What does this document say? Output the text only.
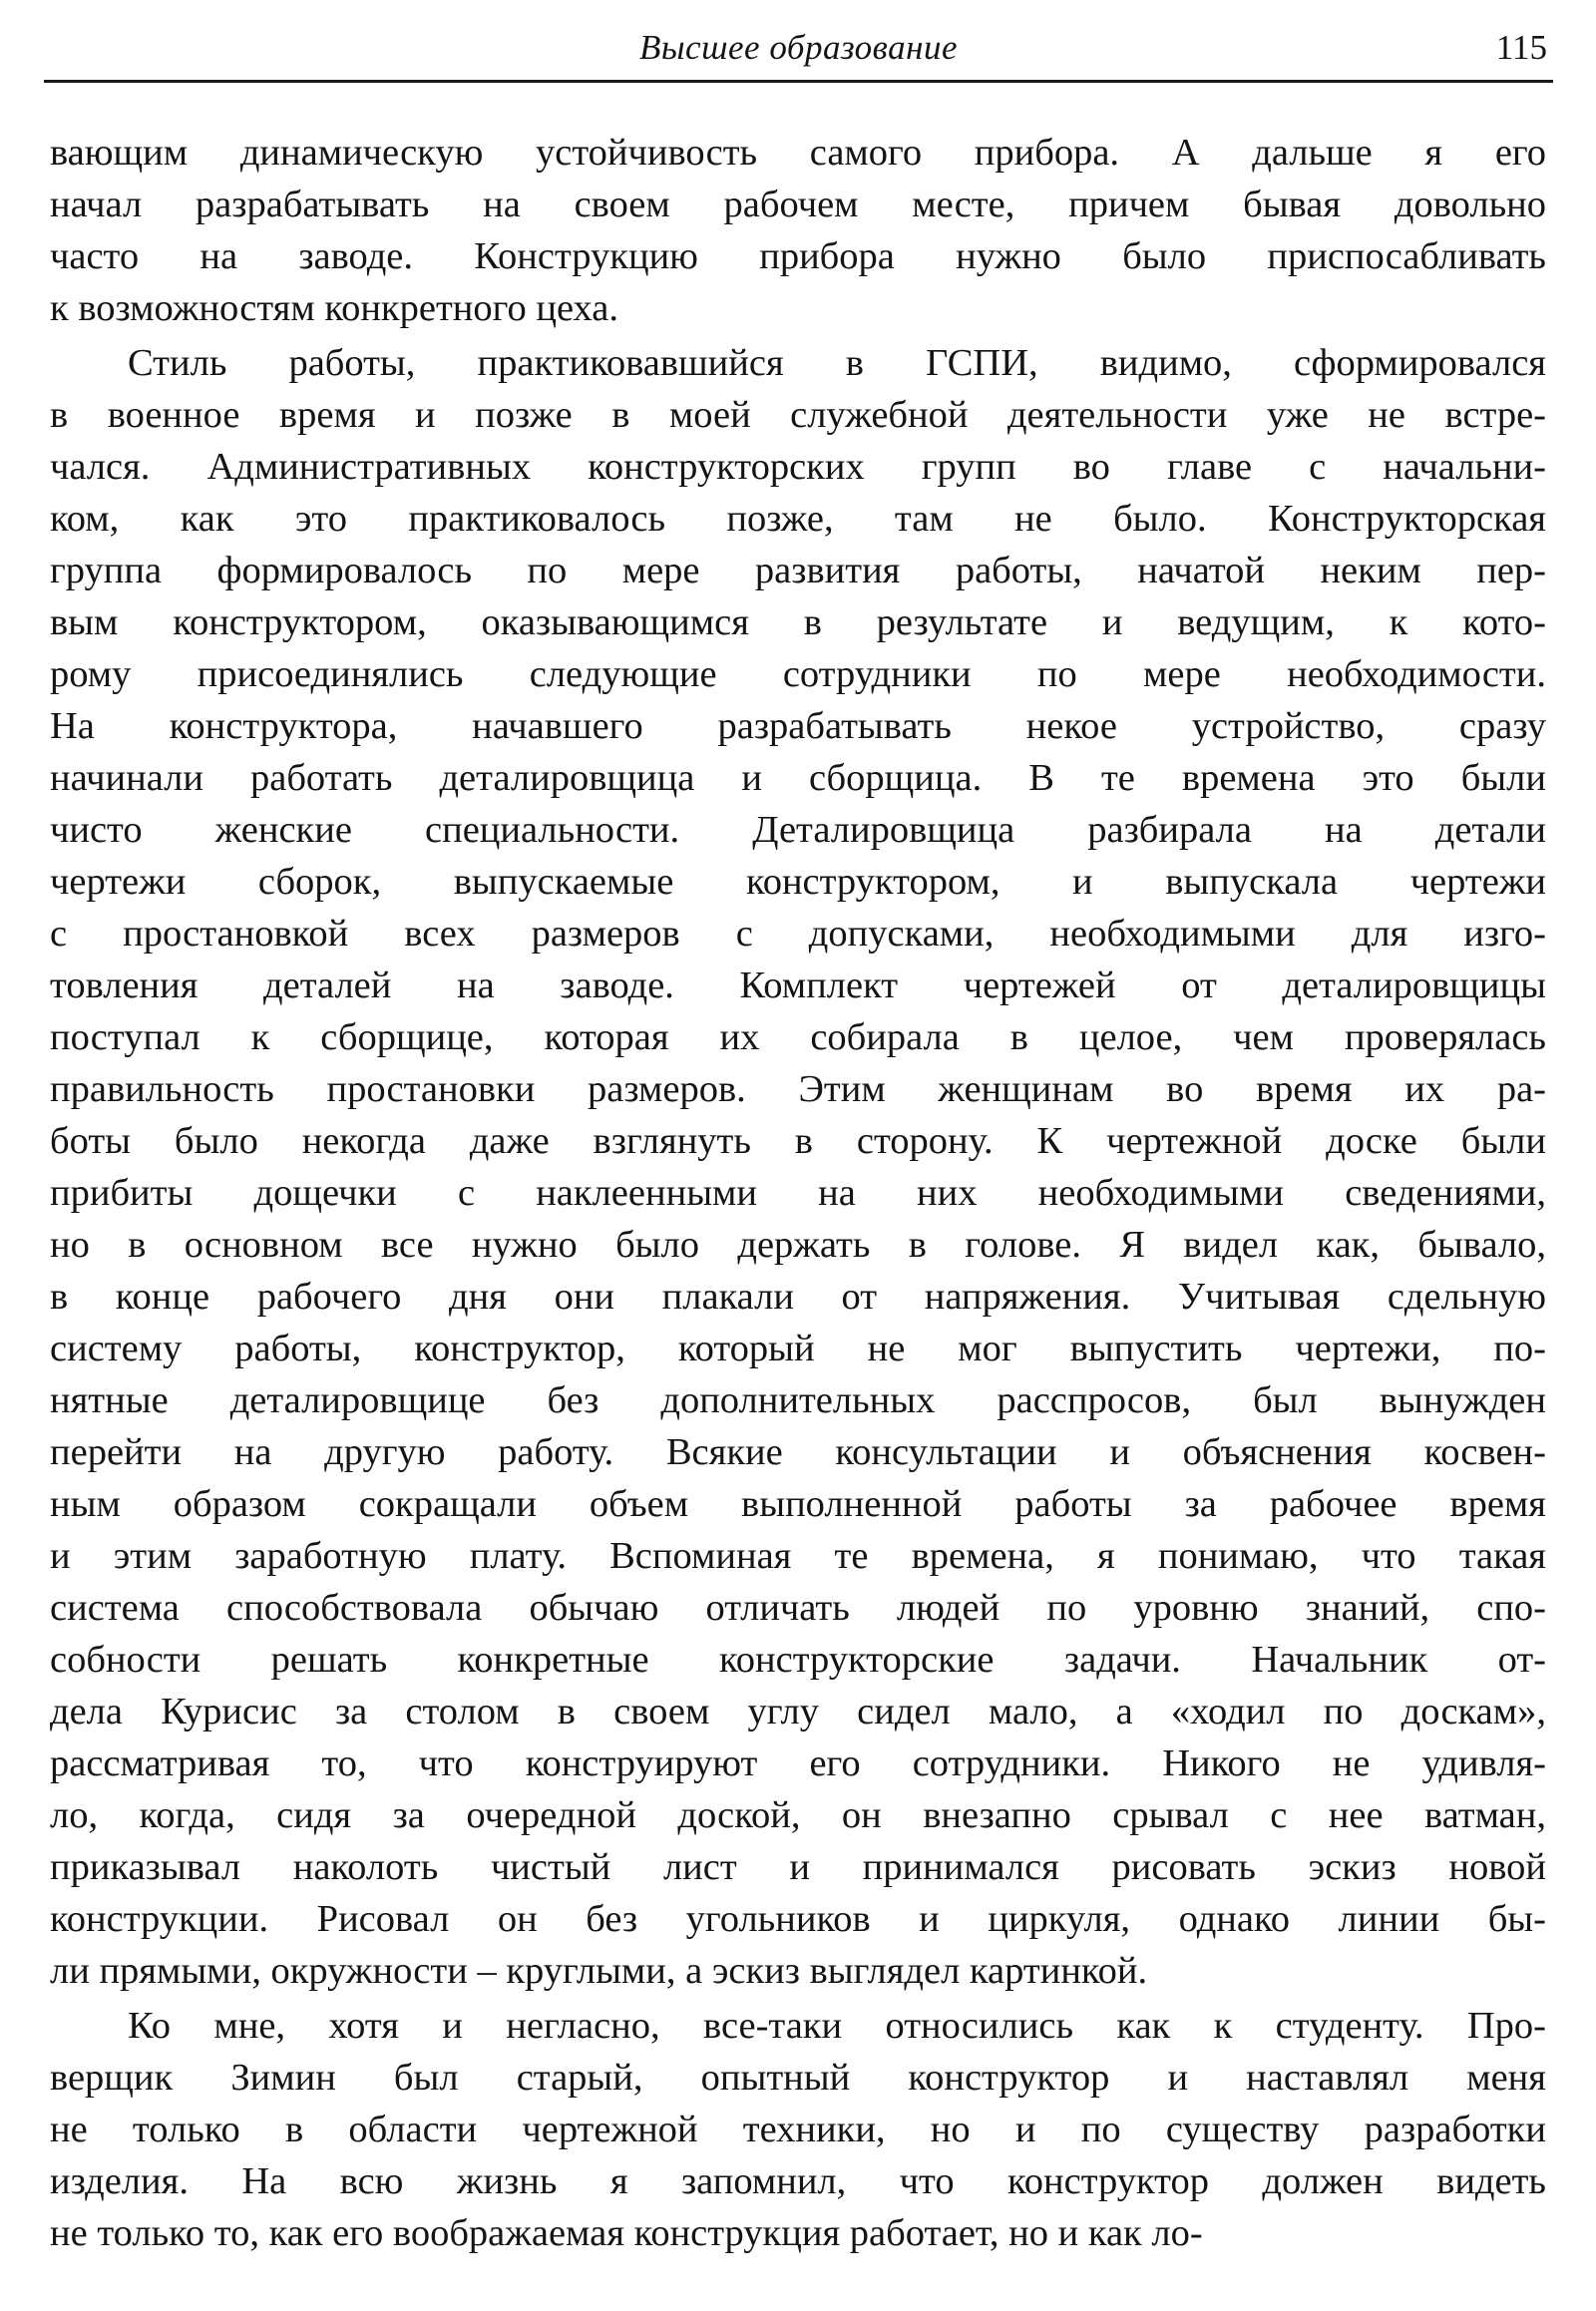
Высшее образование	115
вающим динамическую устойчивость самого прибора. А дальше я его
начал разрабатывать на своем рабочем месте, причем бывая довольно
часто на заводе. Конструкцию прибора нужно было приспосабливать
к возможностям конкретного цеха.
Стиль работы, практиковавшийся в ГСПИ, видимо, сформировался
в военное время и позже в моей служебной деятельности уже не встре-
чался. Административных конструкторских групп во главе с начальни-
ком, как это практиковалось позже, там не было. Конструкторская
группа формировалось по мере развития работы, начатой неким пер-
вым конструктором, оказывающимся в результате и ведущим, к кото-
рому присоединялись следующие сотрудники по мере необходимости.
На конструктора, начавшего разрабатывать некое устройство, сразу
начинали работать деталировщица и сборщица. В те времена это были
чисто женские специальности. Деталировщица разбирала на детали
чертежи сборок, выпускаемые конструктором, и выпускала чертежи
с простановкой всех размеров с допусками, необходимыми для изго-
товления деталей на заводе. Комплект чертежей от деталировщицы
поступал к сборщице, которая их собирала в целое, чем проверялась
правильность простановки размеров. Этим женщинам во время их ра-
боты было некогда даже взглянуть в сторону. К чертежной доске были
прибиты дощечки с наклеенными на них необходимыми сведениями,
но в основном все нужно было держать в голове. Я видел как, бывало,
в конце рабочего дня они плакали от напряжения. Учитывая сдельную
систему работы, конструктор, который не мог выпустить чертежи, по-
нятные деталировщице без дополнительных расспросов, был вынужден
перейти на другую работу. Всякие консультации и объяснения косвен-
ным образом сокращали объем выполненной работы за рабочее время
и этим заработную плату. Вспоминая те времена, я понимаю, что такая
система способствовала обычаю отличать людей по уровню знаний, спо-
собности решать конкретные конструкторские задачи. Начальник от-
дела Курисис за столом в своем углу сидел мало, а «ходил по доскам»,
рассматривая то, что конструируют его сотрудники. Никого не удивля-
ло, когда, сидя за очередной доской, он внезапно срывал с нее ватман,
приказывал наколоть чистый лист и принимался рисовать эскиз новой
конструкции. Рисовал он без угольников и циркуля, однако линии бы-
ли прямыми, окружности – круглыми, а эскиз выглядел картинкой.
Ко мне, хотя и негласно, все-таки относились как к студенту. Про-
верщик Зимин был старый, опытный конструктор и наставлял меня
не только в области чертежной техники, но и по существу разработки
изделия. На всю жизнь я запомнил, что конструктор должен видеть
не только то, как его воображаемая конструкция работает, но и как ло-
